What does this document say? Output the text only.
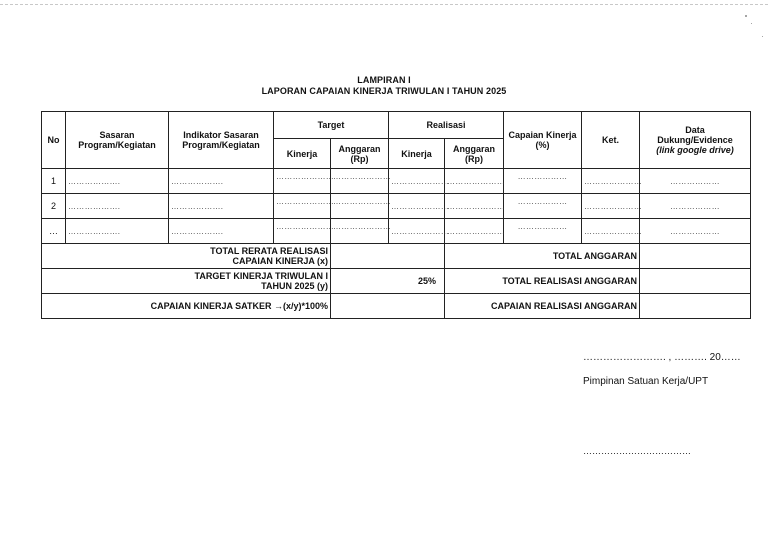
LAMPIRAN I
LAPORAN CAPAIAN KINERJA TRIWULAN I TAHUN 2025
No	Sasaran Program/Kegiatan	Indikator Sasaran Program/Kegiatan	Target		Realisasi		Capaian Kinerja (%)	Ket.	Data
Dukung/Evidence
(link google drive)

			Kinerja	Anggaran (Rp)	Kinerja	Anggaran (Rp)			
1	……………….	……………….	…………………	…………………	…………………	…………………	………………	…………………	………………
2	……………….	……………….	…………………	…………………	…………………	…………………	………………	…………………	………………
…	……………….	……………….	…………………	…………………	…………………	…………………	………………	…………………	………………

TOTAL RERATA REALISASI
CAPAIAN KINERJA (x)						TOTAL ANGGARAN			

TARGET KINERJA TRIWULAN I
TAHUN 2025 (y)				25%		TOTAL REALISASI ANGGARAN			
CAPAIAN KINERJA SATKER →(x/y)*100%						CAPAIAN REALISASI ANGGARAN			
……………………. , ………. 20……
Pimpinan Satuan Kerja/UPT
………………………………
